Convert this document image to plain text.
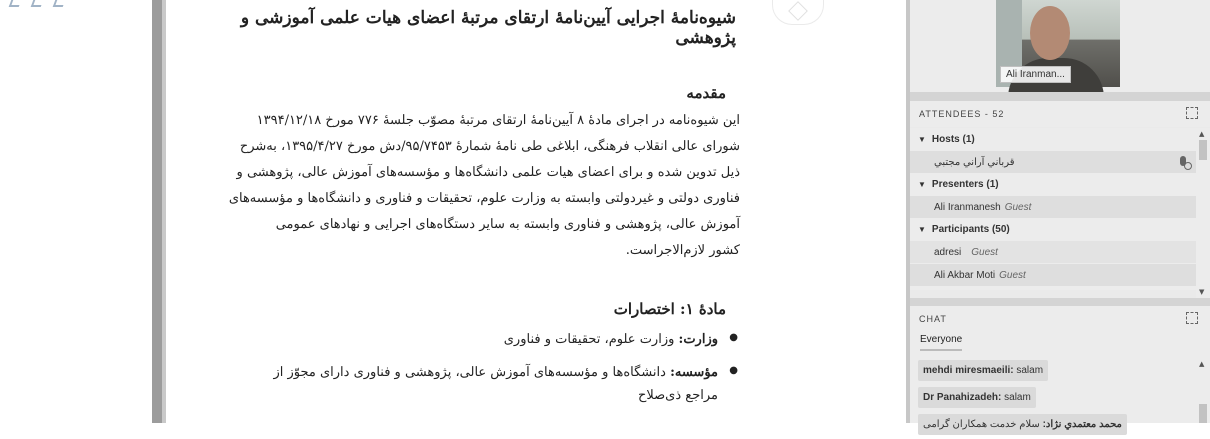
شیوه‌نامهٔ اجرایی آیین‌نامهٔ ارتقای مرتبهٔ اعضای هیات علمی آموزشی و پژوهشی
مقدمه
این شیوه‌نامه در اجرای مادهٔ ۸ آیین‌نامهٔ ارتقای مرتبهٔ مصوّب جلسهٔ ۷۷۶ مورخ ۱۳۹۴/۱۲/۱۸
شورای عالی انقلاب فرهنگی، ابلاغی طی نامهٔ شمارهٔ ۹۵/۷۴۵۳/دش مورخ ۱۳۹۵/۴/۲۷، به‌شرح
ذیل تدوین شده و برای اعضای هیات علمی دانشگاه‌ها و مؤسسه‌های آموزش عالی، پژوهشی و
فناوری دولتی و غیردولتی وابسته به وزارت علوم، تحقیقات و فناوری و دانشگاه‌ها و مؤسسه‌های
آموزش عالی، پژوهشی و فناوری وابسته به سایر دستگاه‌های اجرایی و نهادهای عمومی
کشور لازم‌الاجراست.
مادهٔ ۱: اختصارات
● وزارت: وزارت علوم، تحقیقات و فناوری
● مؤسسه: دانشگاه‌ها و مؤسسه‌های آموزش عالی، پژوهشی و فناوری دارای مجوّز از
مراجع ذی‌صلاح
Ali Iranman...
ATTENDEES - 52
▼ Hosts (1)
قرباني آراني مجتبي
▼ Presenters (1)
Ali Iranmanesh Guest
▼ Participants (50)
adresi Guest
Ali Akbar Moti Guest
▲
▼
CHAT
Everyone
mehdi miresmaeili: salam
Dr Panahizadeh: salam
محمد معتمدي نژاد: سلام خدمت همکاران گرامی
▲
